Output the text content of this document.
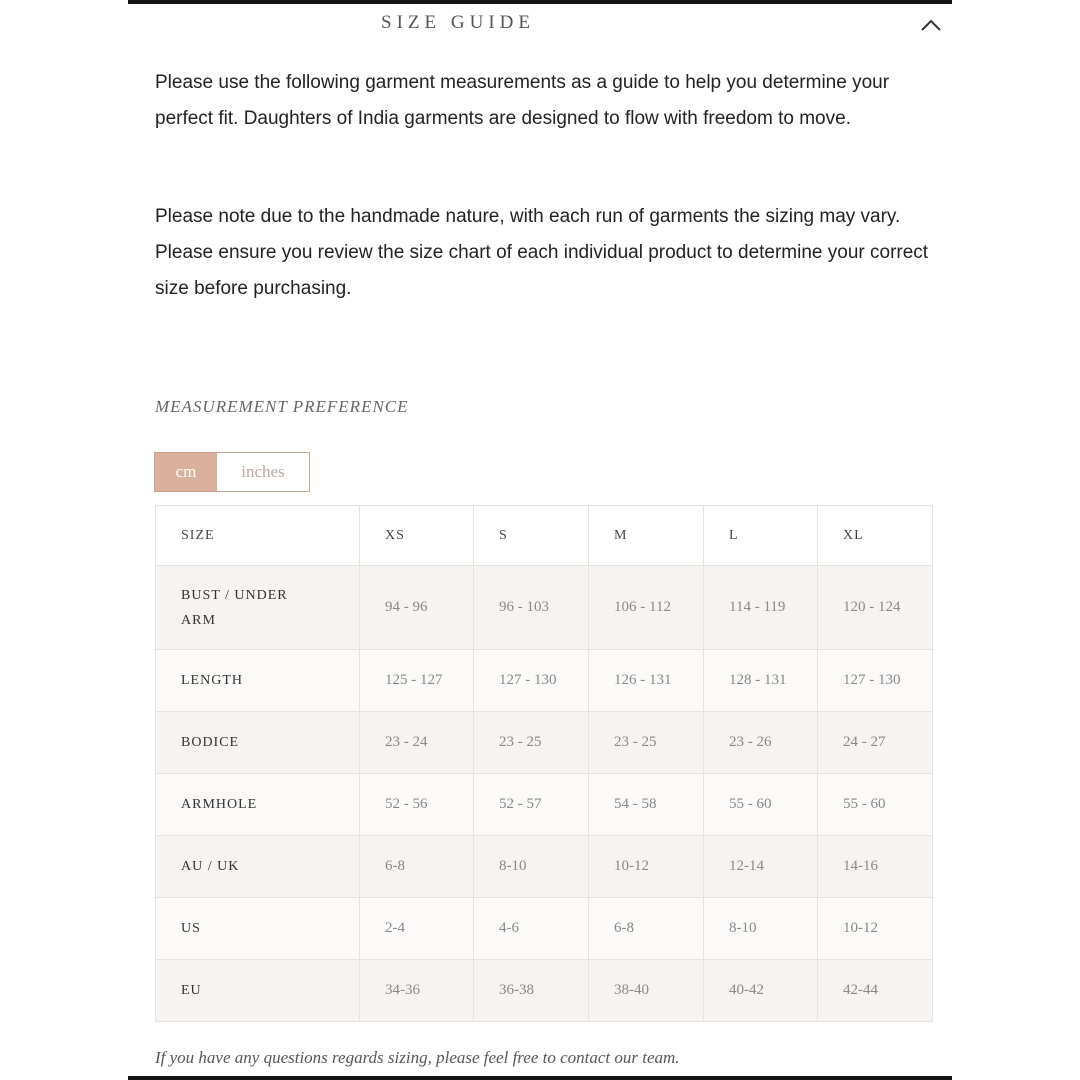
SIZE GUIDE

Please use the following garment measurements as a guide to help you determine your perfect fit. Daughters of India garments are designed to flow with freedom to move.

Please note due to the handmade nature, with each run of garments the sizing may vary. Please ensure you review the size chart of each individual product to determine your correct size before purchasing.

MEASUREMENT PREFERENCE
cm	inches
SIZE	XS	S	M	L	XL

BUST / UNDER ARM	94 - 96	96 - 103	106 - 112	114 - 119	120 - 124
LENGTH	125 - 127	127 - 130	126 - 131	128 - 131	127 - 130
BODICE	23 - 24	23 - 25	23 - 25	23 - 26	24 - 27
ARMHOLE	52 - 56	52 - 57	54 - 58	55 - 60	55 - 60
AU / UK	6-8	8-10	10-12	12-14	14-16
US	2-4	4-6	6-8	8-10	10-12
EU	34-36	36-38	38-40	40-42	42-44
If you have any questions regards sizing, please feel free to contact our team.
